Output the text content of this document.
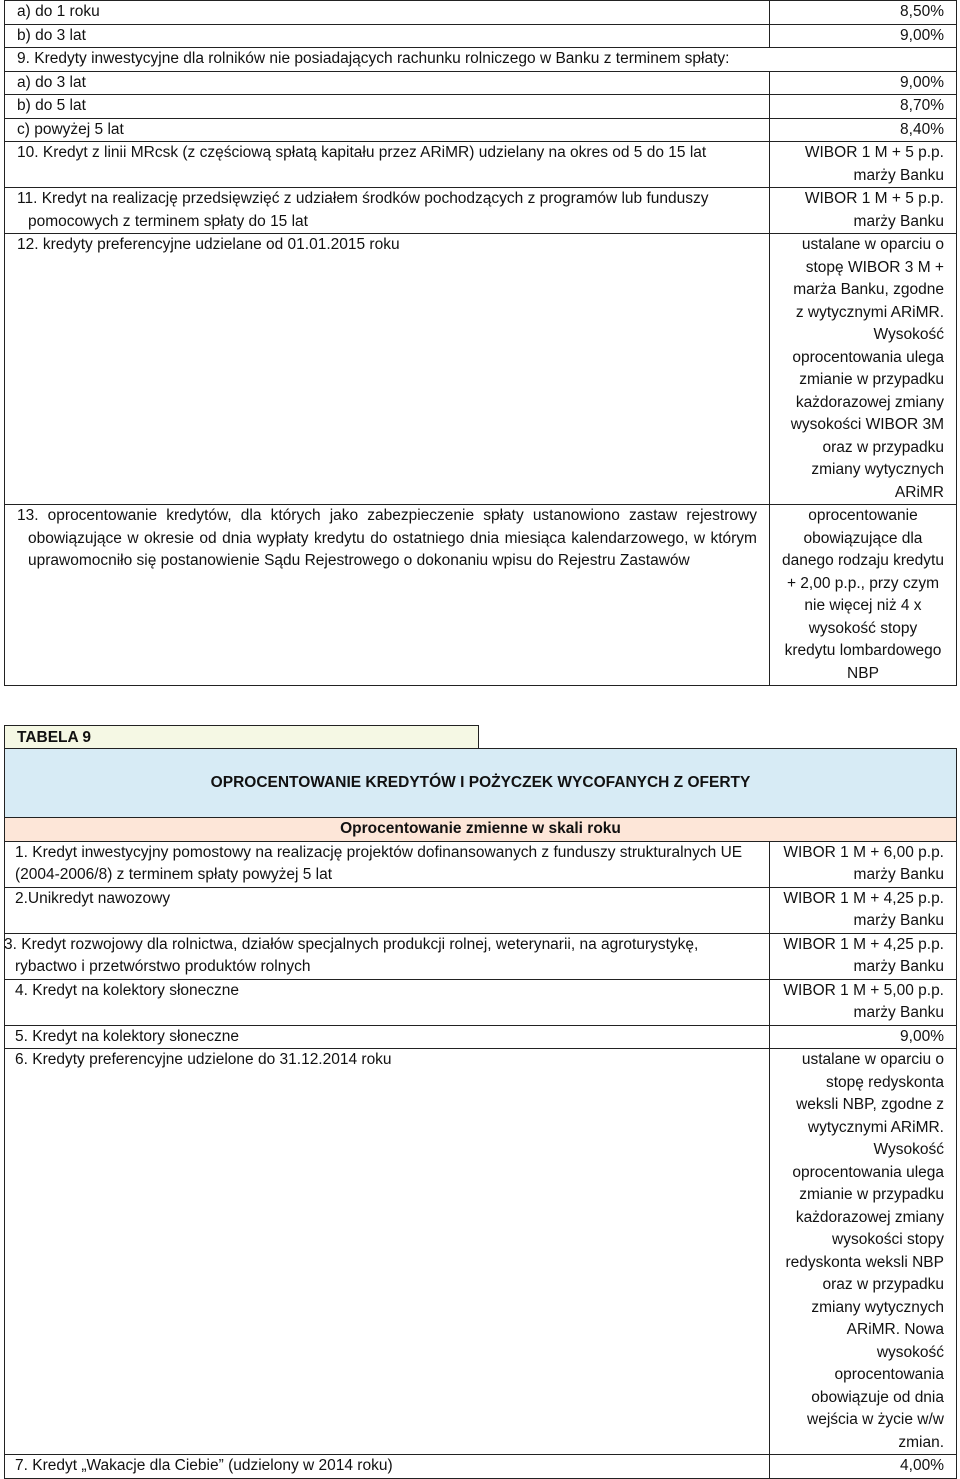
a) do 1 roku	8,50%
b) do 3 lat	9,00%
9. Kredyty inwestycyjne dla rolników nie posiadających rachunku rolniczego w Banku z terminem spłaty:	
a) do 3 lat	9,00%
b) do 5 lat	8,70%
c) powyżej 5 lat	8,40%
10. Kredyt z linii MRcsk (z częściową spłatą kapitału przez ARiMR) udzielany na okres od 5 do 15 lat	WIBOR 1 M + 5 p.p. marży Banku
11. Kredyt na realizację przedsięwzięć z udziałem środków pochodzących z programów lub funduszy pomocowych z terminem spłaty do 15 lat	WIBOR 1 M + 5 p.p. marży Banku
12. kredyty preferencyjne udzielane od 01.01.2015 roku	ustalane w oparciu o stopę WIBOR 3 M + marża Banku, zgodne z wytycznymi ARiMR. Wysokość oprocentowania ulega zmianie w przypadku każdorazowej zmiany wysokości WIBOR 3M oraz w przypadku zmiany wytycznych ARiMR
13. oprocentowanie kredytów, dla których jako zabezpieczenie spłaty ustanowiono zastaw rejestrowy obowiązujące w okresie od dnia wypłaty kredytu do ostatniego dnia miesiąca kalendarzowego, w którym uprawomocniło się postanowienie Sądu Rejestrowego o dokonaniu wpisu do Rejestru Zastawów	oprocentowanie obowiązujące dla danego rodzaju kredytu + 2,00 p.p., przy czym nie więcej niż 4 x wysokość stopy kredytu lombardowego NBP
TABELA 9
OPROCENTOWANIE KREDYTÓW I POŻYCZEK WYCOFANYCH Z OFERTY	
Oprocentowanie zmienne w skali roku	
1. Kredyt inwestycyjny pomostowy na realizację projektów dofinansowanych z funduszy strukturalnych UE (2004-2006/8) z terminem spłaty powyżej 5 lat	WIBOR 1 M + 6,00 p.p. marży Banku
2.Unikredyt nawozowy	WIBOR 1 M + 4,25 p.p. marży Banku
3. Kredyt rozwojowy dla rolnictwa, działów specjalnych produkcji rolnej, weterynarii, na agroturystykę, rybactwo i przetwórstwo produktów rolnych	WIBOR 1 M + 4,25 p.p. marży Banku
4. Kredyt na kolektory słoneczne	WIBOR 1 M + 5,00 p.p. marży Banku
5. Kredyt na kolektory słoneczne	9,00%
6. Kredyty preferencyjne udzielone do 31.12.2014 roku	ustalane w oparciu o stopę redyskonta weksli NBP, zgodne z wytycznymi ARiMR. Wysokość oprocentowania ulega zmianie w przypadku każdorazowej zmiany wysokości stopy redyskonta weksli NBP oraz w przypadku zmiany wytycznych ARiMR. Nowa wysokość oprocentowania obowiązuje od dnia wejścia w życie w/w zmian.
7. Kredyt „Wakacje dla Ciebie” (udzielony w 2014 roku)	4,00%
